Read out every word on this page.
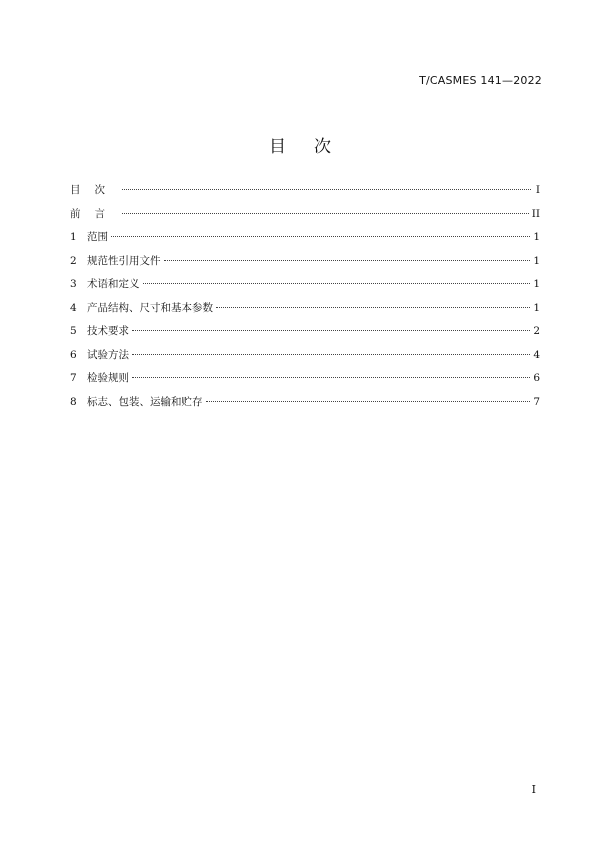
T/CASMES 141—2022
目次
目次	I
前言	II
1 范围	1
2 规范性引用文件	1
3 术语和定义	1
4 产品结构、尺寸和基本参数	1
5 技术要求	2
6 试验方法	4
7 检验规则	6
8 标志、包装、运输和贮存	7
I
